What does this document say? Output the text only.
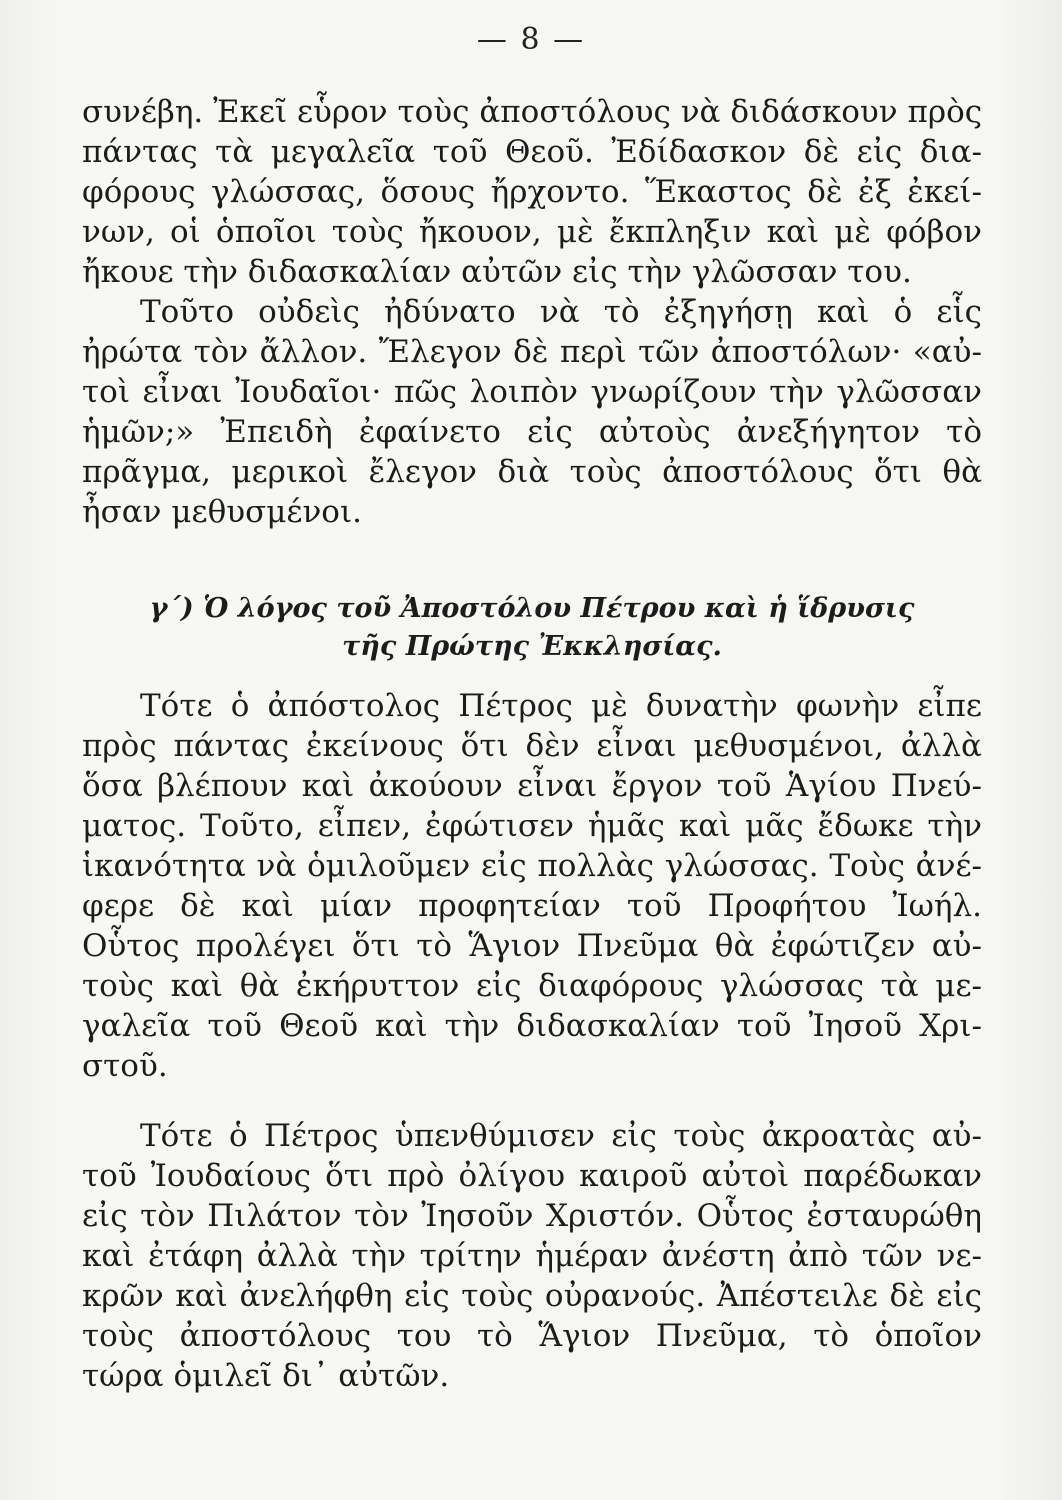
— 8 —
συνέβη. Ἐκεῖ εὗρον τοὺς ἀποστόλους νὰ διδάσκουν πρὸς
πάντας τὰ μεγαλεῖα τοῦ Θεοῦ. Ἐδίδασκον δὲ εἰς δια-
φόρους γλώσσας, ὅσους ἤρχοντο. Ἕκαστος δὲ ἐξ ἐκεί-
νων, οἱ ὁποῖοι τοὺς ἤκουον, μὲ ἔκπληξιν καὶ μὲ φόβον
ἤκουε τὴν διδασκαλίαν αὐτῶν εἰς τὴν γλῶσσαν του.
Τοῦτο οὐδεὶς ἠδύνατο νὰ τὸ ἐξηγήσῃ καὶ ὁ εἷς
ἠρώτα τὸν ἄλλον. Ἔλεγον δὲ περὶ τῶν ἀποστόλων· «αὐ-
τοὶ εἶναι Ἰουδαῖοι· πῶς λοιπὸν γνωρίζουν τὴν γλῶσσαν
ἡμῶν;» Ἐπειδὴ ἐφαίνετο εἰς αὐτοὺς ἀνεξήγητον τὸ
πρᾶγμα, μερικοὶ ἔλεγον διὰ τοὺς ἀποστόλους ὅτι θὰ
ἦσαν μεθυσμένοι.
γ΄) Ὁ λόγος τοῦ Ἀποστόλου Πέτρου καὶ ἡ ἵδρυσις
τῆς Πρώτης Ἐκκλησίας.
Τότε ὁ ἀπόστολος Πέτρος μὲ δυνατὴν φωνὴν εἶπε
πρὸς πάντας ἐκείνους ὅτι δὲν εἶναι μεθυσμένοι, ἀλλὰ
ὅσα βλέπουν καὶ ἀκούουν εἶναι ἔργον τοῦ Ἁγίου Πνεύ-
ματος. Τοῦτο, εἶπεν, ἐφώτισεν ἡμᾶς καὶ μᾶς ἔδωκε τὴν
ἱκανότητα νὰ ὁμιλοῦμεν εἰς πολλὰς γλώσσας. Τοὺς ἀνέ-
φερε δὲ καὶ μίαν προφητείαν τοῦ Προφήτου Ἰωήλ.
Οὗτος προλέγει ὅτι τὸ Ἅγιον Πνεῦμα θὰ ἐφώτιζεν αὐ-
τοὺς καὶ θὰ ἐκήρυττον εἰς διαφόρους γλώσσας τὰ με-
γαλεῖα τοῦ Θεοῦ καὶ τὴν διδασκαλίαν τοῦ Ἰησοῦ Χρι-
στοῦ.
Τότε ὁ Πέτρος ὑπενθύμισεν εἰς τοὺς ἀκροατὰς αὐ-
τοῦ Ἰουδαίους ὅτι πρὸ ὀλίγου καιροῦ αὐτοὶ παρέδωκαν
εἰς τὸν Πιλάτον τὸν Ἰησοῦν Χριστόν. Οὗτος ἐσταυρώθη
καὶ ἐτάφη ἀλλὰ τὴν τρίτην ἡμέραν ἀνέστη ἀπὸ τῶν νε-
κρῶν καὶ ἀνελήφθη εἰς τοὺς οὐρανούς. Ἀπέστειλε δὲ εἰς
τοὺς ἀποστόλους του τὸ Ἅγιον Πνεῦμα, τὸ ὁποῖον
τώρα ὁμιλεῖ δι᾽ αὐτῶν.
